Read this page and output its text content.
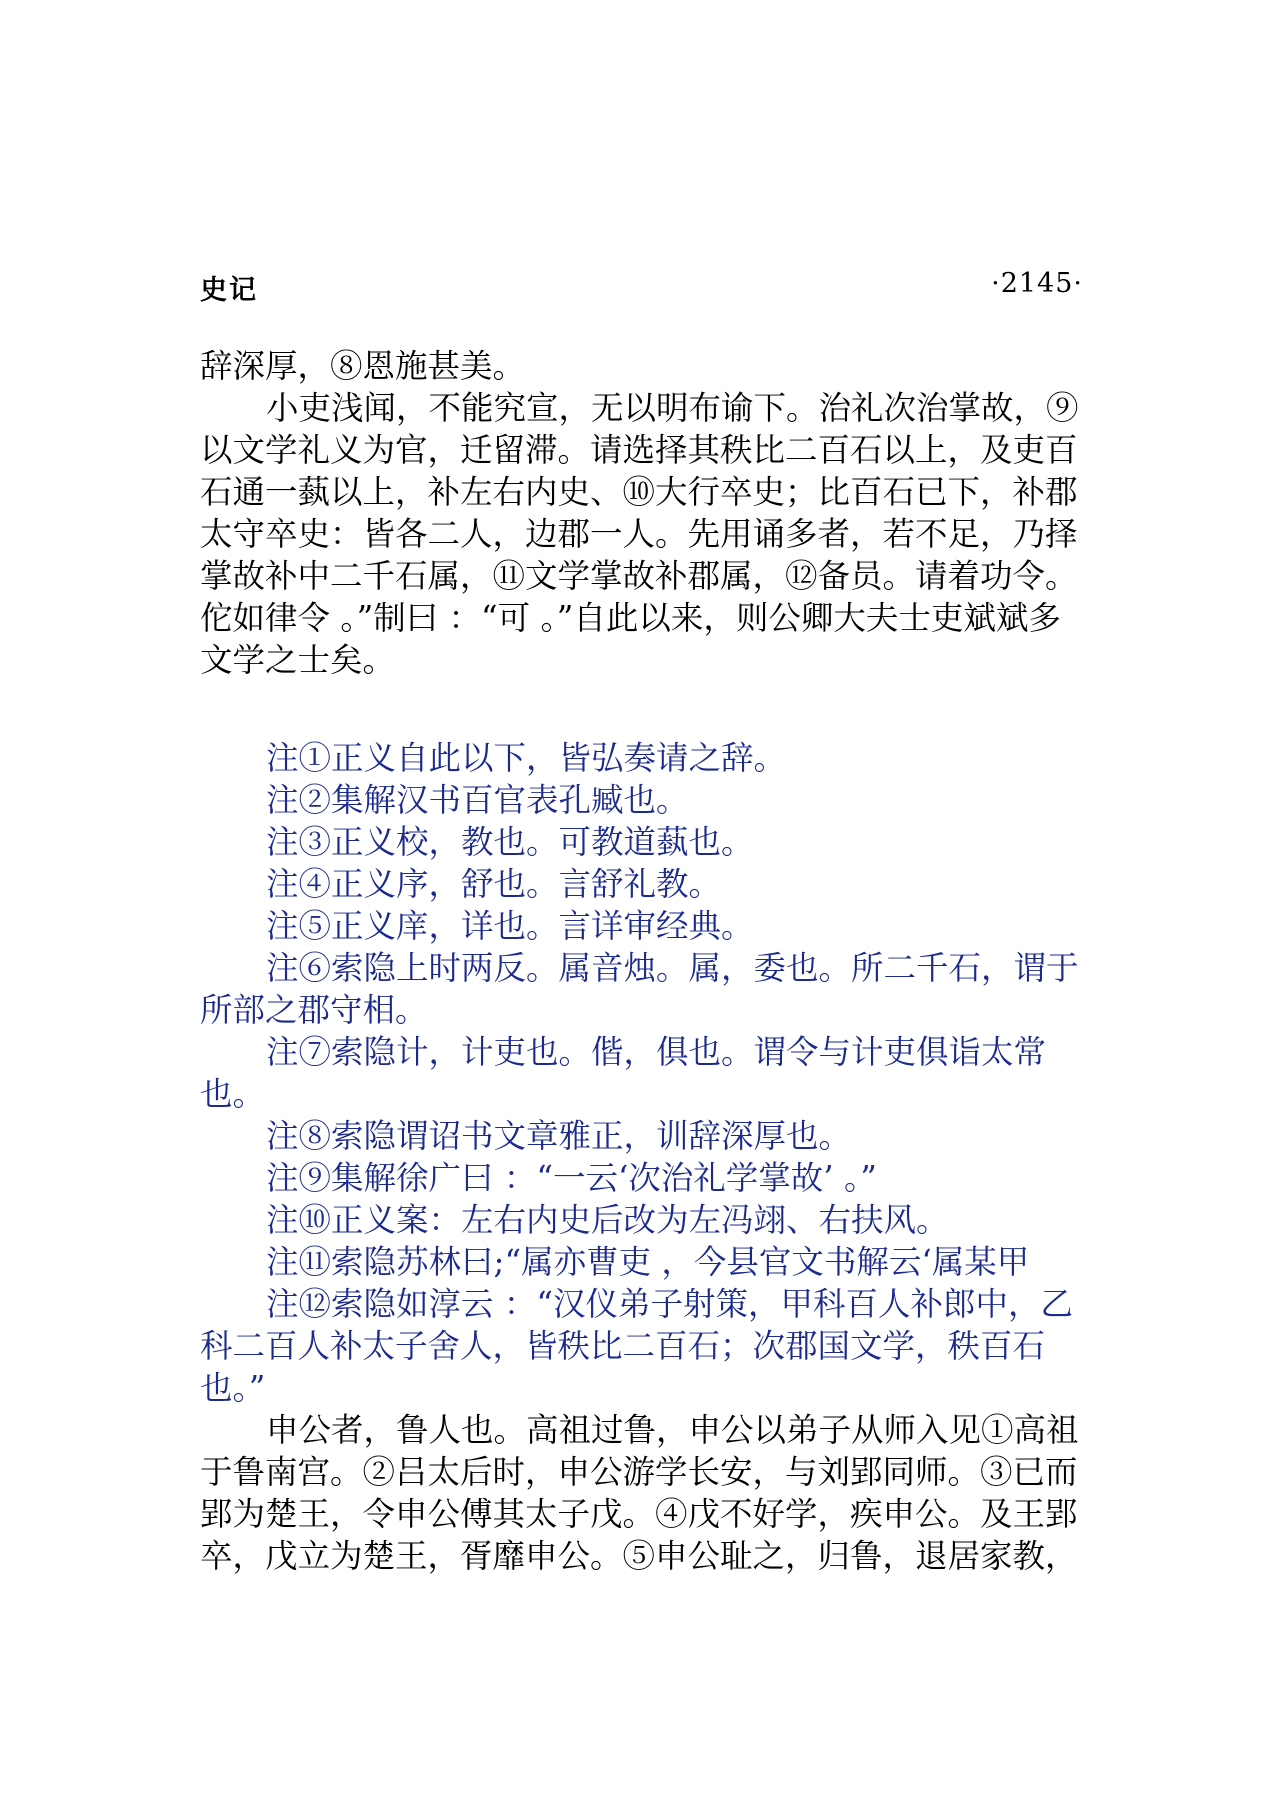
史记	·2145·

辞深厚，⑧恩施甚美。

小吏浅闻，不能究宣，无以明布谕下。治礼次治掌故，⑨以文学礼义为官，迁留滞。请选择其秩比二百石以上，及吏百石通一蓺以上，补左右内史、⑩大行卒史；比百石已下，补郡太守卒史：皆各二人，边郡一人。先用诵多者，若不足，乃择掌故补中二千石属，⑪文学掌故补郡属，⑫备员。请着功令。佗如律令 。”制曰 ：“可 。”自此以来，则公卿大夫士吏斌斌多文学之士矣。

注①正义自此以下，皆弘奏请之辞。

注②集解汉书百官表孔臧也。

注③正义校，教也。可教道蓺也。

注④正义序，舒也。言舒礼教。

注⑤正义庠，详也。言详审经典。

注⑥索隐上时两反。属音烛。属，委也。所二千石，谓于所部之郡守相。

注⑦索隐计，计吏也。偕，俱也。谓令与计吏俱诣太常也。

注⑧索隐谓诏书文章雅正，训辞深厚也。

注⑨集解徐广曰 ：“一云‘次治礼学掌故’ 。”

注⑩正义案：左右内史后改为左冯翊、右扶风。

注⑪索隐苏林曰;“属亦曹吏 ，今县官文书解云‘属某甲

注⑫索隐如淳云 ：“汉仪弟子射策，甲科百人补郎中，乙科二百人补太子舍人，皆秩比二百石；次郡国文学，秩百石也。”

申公者，鲁人也。高祖过鲁，申公以弟子从师入见①高祖于鲁南宫。②吕太后时，申公游学长安，与刘郢同师。③已而郢为楚王，令申公傅其太子戊。④戊不好学，疾申公。及王郢卒，戊立为楚王，胥靡申公。⑤申公耻之，归鲁，退居家教，
